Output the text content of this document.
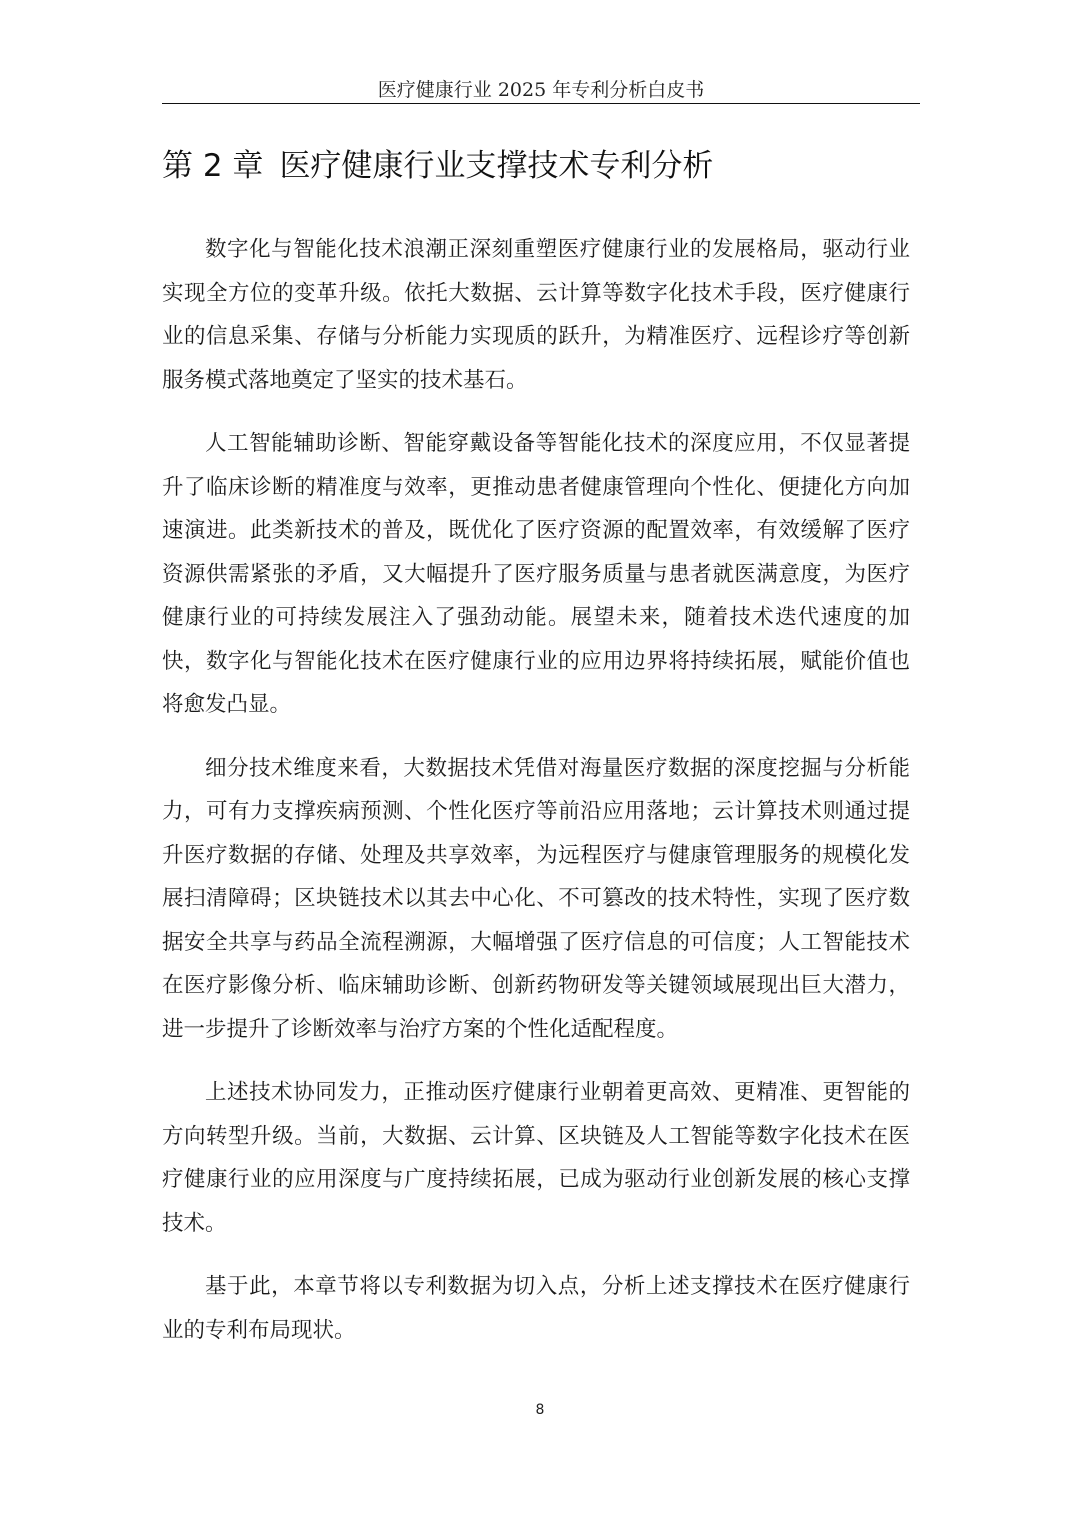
医疗健康行业 2025 年专利分析白皮书
第 2 章 医疗健康行业支撑技术专利分析

数字化与智能化技术浪潮正深刻重塑医疗健康行业的发展格局，驱动行业实现全方位的变革升级。依托大数据、云计算等数字化技术手段，医疗健康行业的信息采集、存储与分析能力实现质的跃升，为精准医疗、远程诊疗等创新服务模式落地奠定了坚实的技术基石。

人工智能辅助诊断、智能穿戴设备等智能化技术的深度应用，不仅显著提升了临床诊断的精准度与效率，更推动患者健康管理向个性化、便捷化方向加速演进。此类新技术的普及，既优化了医疗资源的配置效率，有效缓解了医疗资源供需紧张的矛盾，又大幅提升了医疗服务质量与患者就医满意度，为医疗健康行业的可持续发展注入了强劲动能。展望未来，随着技术迭代速度的加快，数字化与智能化技术在医疗健康行业的应用边界将持续拓展，赋能价值也将愈发凸显。

细分技术维度来看，大数据技术凭借对海量医疗数据的深度挖掘与分析能力，可有力支撑疾病预测、个性化医疗等前沿应用落地；云计算技术则通过提升医疗数据的存储、处理及共享效率，为远程医疗与健康管理服务的规模化发展扫清障碍；区块链技术以其去中心化、不可篡改的技术特性，实现了医疗数据安全共享与药品全流程溯源，大幅增强了医疗信息的可信度；人工智能技术在医疗影像分析、临床辅助诊断、创新药物研发等关键领域展现出巨大潜力，进一步提升了诊断效率与治疗方案的个性化适配程度。

上述技术协同发力，正推动医疗健康行业朝着更高效、更精准、更智能的方向转型升级。当前，大数据、云计算、区块链及人工智能等数字化技术在医疗健康行业的应用深度与广度持续拓展，已成为驱动行业创新发展的核心支撑技术。

基于此，本章节将以专利数据为切入点，分析上述支撑技术在医疗健康行业的专利布局现状。

8
